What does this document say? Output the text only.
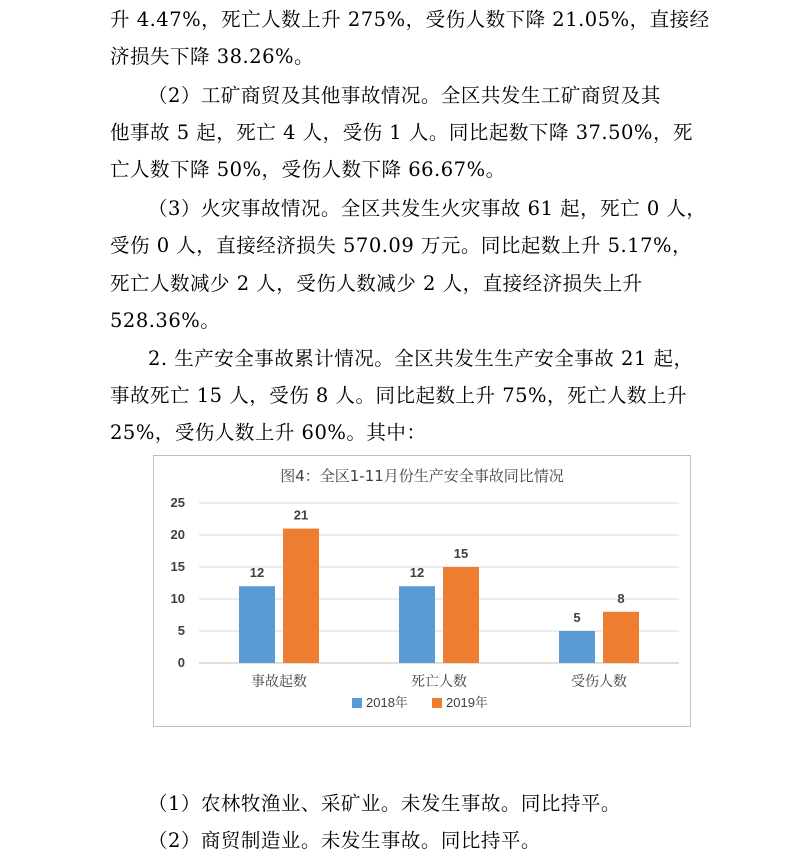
升 4.47%，死亡人数上升 275%，受伤人数下降 21.05%，直接经
济损失下降 38.26%。
（2）工矿商贸及其他事故情况。全区共发生工矿商贸及其
他事故 5 起，死亡 4 人，受伤 1 人。同比起数下降 37.50%，死
亡人数下降 50%，受伤人数下降 66.67%。
（3）火灾事故情况。全区共发生火灾事故 61 起，死亡 0 人，
受伤 0 人，直接经济损失 570.09 万元。同比起数上升 5.17%，
死亡人数减少 2 人，受伤人数减少 2 人，直接经济损失上升
528.36%。
2. 生产安全事故累计情况。全区共发生生产安全事故 21 起，
事故死亡 15 人，受伤 8 人。同比起数上升 75%，死亡人数上升
25%，受伤人数上升 60%。其中：
（1）农林牧渔业、采矿业。未发生事故。同比持平。
（2）商贸制造业。未发生事故。同比持平。
图4：全区1-11月份生产安全事故同比情况
0
5
10
15
20
25
12
21
12
15
5
8
事故起数	死亡人数	受伤人数
2018年	2019年
